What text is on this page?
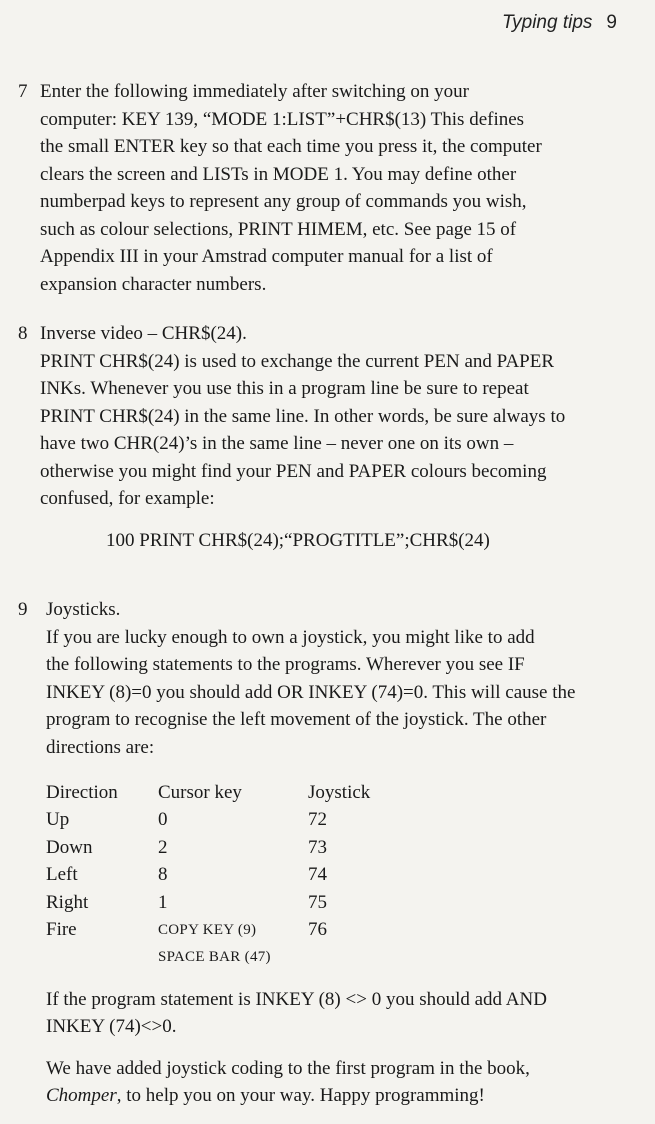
Typing tips 9
7 Enter the following immediately after switching on your
computer: KEY 139, “MODE 1:LIST”+CHR$(13) This defines
the small ENTER key so that each time you press it, the computer
clears the screen and LISTs in MODE 1. You may define other
numberpad keys to represent any group of commands you wish,
such as colour selections, PRINT HIMEM, etc. See page 15 of
Appendix III in your Amstrad computer manual for a list of
expansion character numbers.
8 Inverse video – CHR$(24).
PRINT CHR$(24) is used to exchange the current PEN and PAPER
INKs. Whenever you use this in a program line be sure to repeat
PRINT CHR$(24) in the same line. In other words, be sure always to
have two CHR(24)’s in the same line – never one on its own –
otherwise you might find your PEN and PAPER colours becoming
confused, for example:
100 PRINT CHR$(24);“PROGTITLE”;CHR$(24)
9 Joysticks.
If you are lucky enough to own a joystick, you might like to add
the following statements to the programs. Wherever you see IF
INKEY (8)=0 you should add OR INKEY (74)=0. This will cause the
program to recognise the left movement of the joystick. The other
directions are:
Direction	Cursor key	Joystick
Up	0	72
Down	2	73
Left	8	74
Right	1	75
Fire	COPY KEY (9)	76
	SPACE BAR (47)	
If the program statement is INKEY (8) <> 0 you should add AND
INKEY (74)<>0.
We have added joystick coding to the first program in the book,
Chomper, to help you on your way. Happy programming!
